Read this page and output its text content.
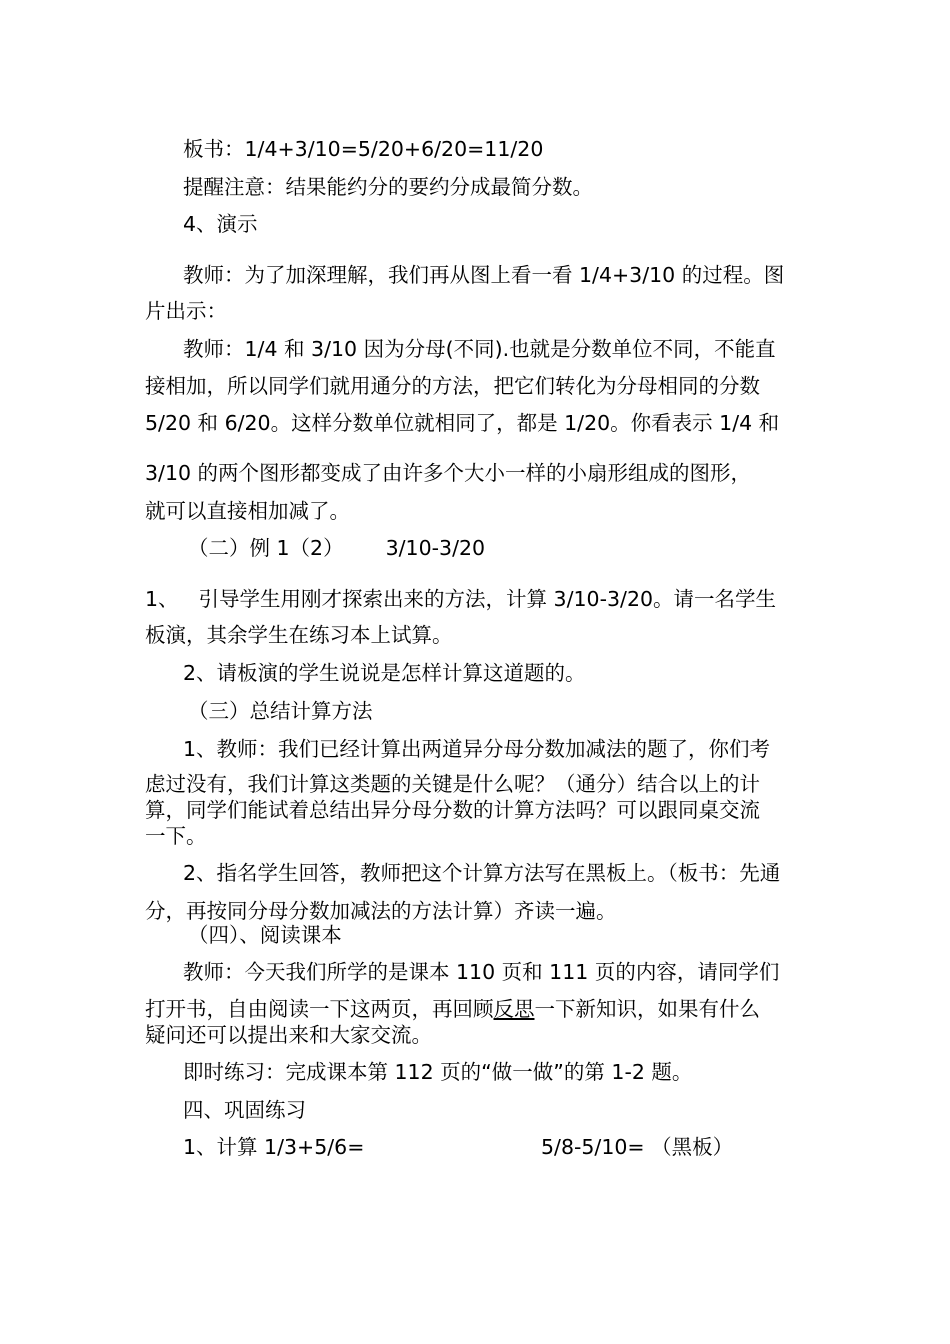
板书：1/4+3/10=5/20+6/20=11/20
提醒注意：结果能约分的要约分成最简分数。
4、演示
教师：为了加深理解，我们再从图上看一看 1/4+3/10 的过程。图
片出示：
教师：1/4 和 3/10 因为分母(不同).也就是分数单位不同，不能直
接相加，所以同学们就用通分的方法，把它们转化为分母相同的分数
5/20 和 6/20。这样分数单位就相同了，都是 1/20。你看表示 1/4 和
3/10 的两个图形都变成了由许多个大小一样的小扇形组成的图形，
就可以直接相加减了。
（二）例 1（2） 3/10-3/20
1、 引导学生用刚才探索出来的方法，计算 3/10-3/20。请一名学生
板演，其余学生在练习本上试算。
2、请板演的学生说说是怎样计算这道题的。
（三）总结计算方法
1、教师：我们已经计算出两道异分母分数加减法的题了，你们考
虑过没有，我们计算这类题的关键是什么呢？（通分）结合以上的计
算，同学们能试着总结出异分母分数的计算方法吗？可以跟同桌交流
一下。
2、指名学生回答，教师把这个计算方法写在黑板上。（板书：先通
分，再按同分母分数加减法的方法计算）齐读一遍。
（四）、阅读课本
教师：今天我们所学的是课本 110 页和 111 页的内容，请同学们
打开书，自由阅读一下这两页，再回顾反思一下新知识，如果有什么
疑问还可以提出来和大家交流。
即时练习：完成课本第 112 页的“做一做”的第 1-2 题。
四、巩固练习
1、计算 1/3+5/6=	5/8-5/10= （黑板）
